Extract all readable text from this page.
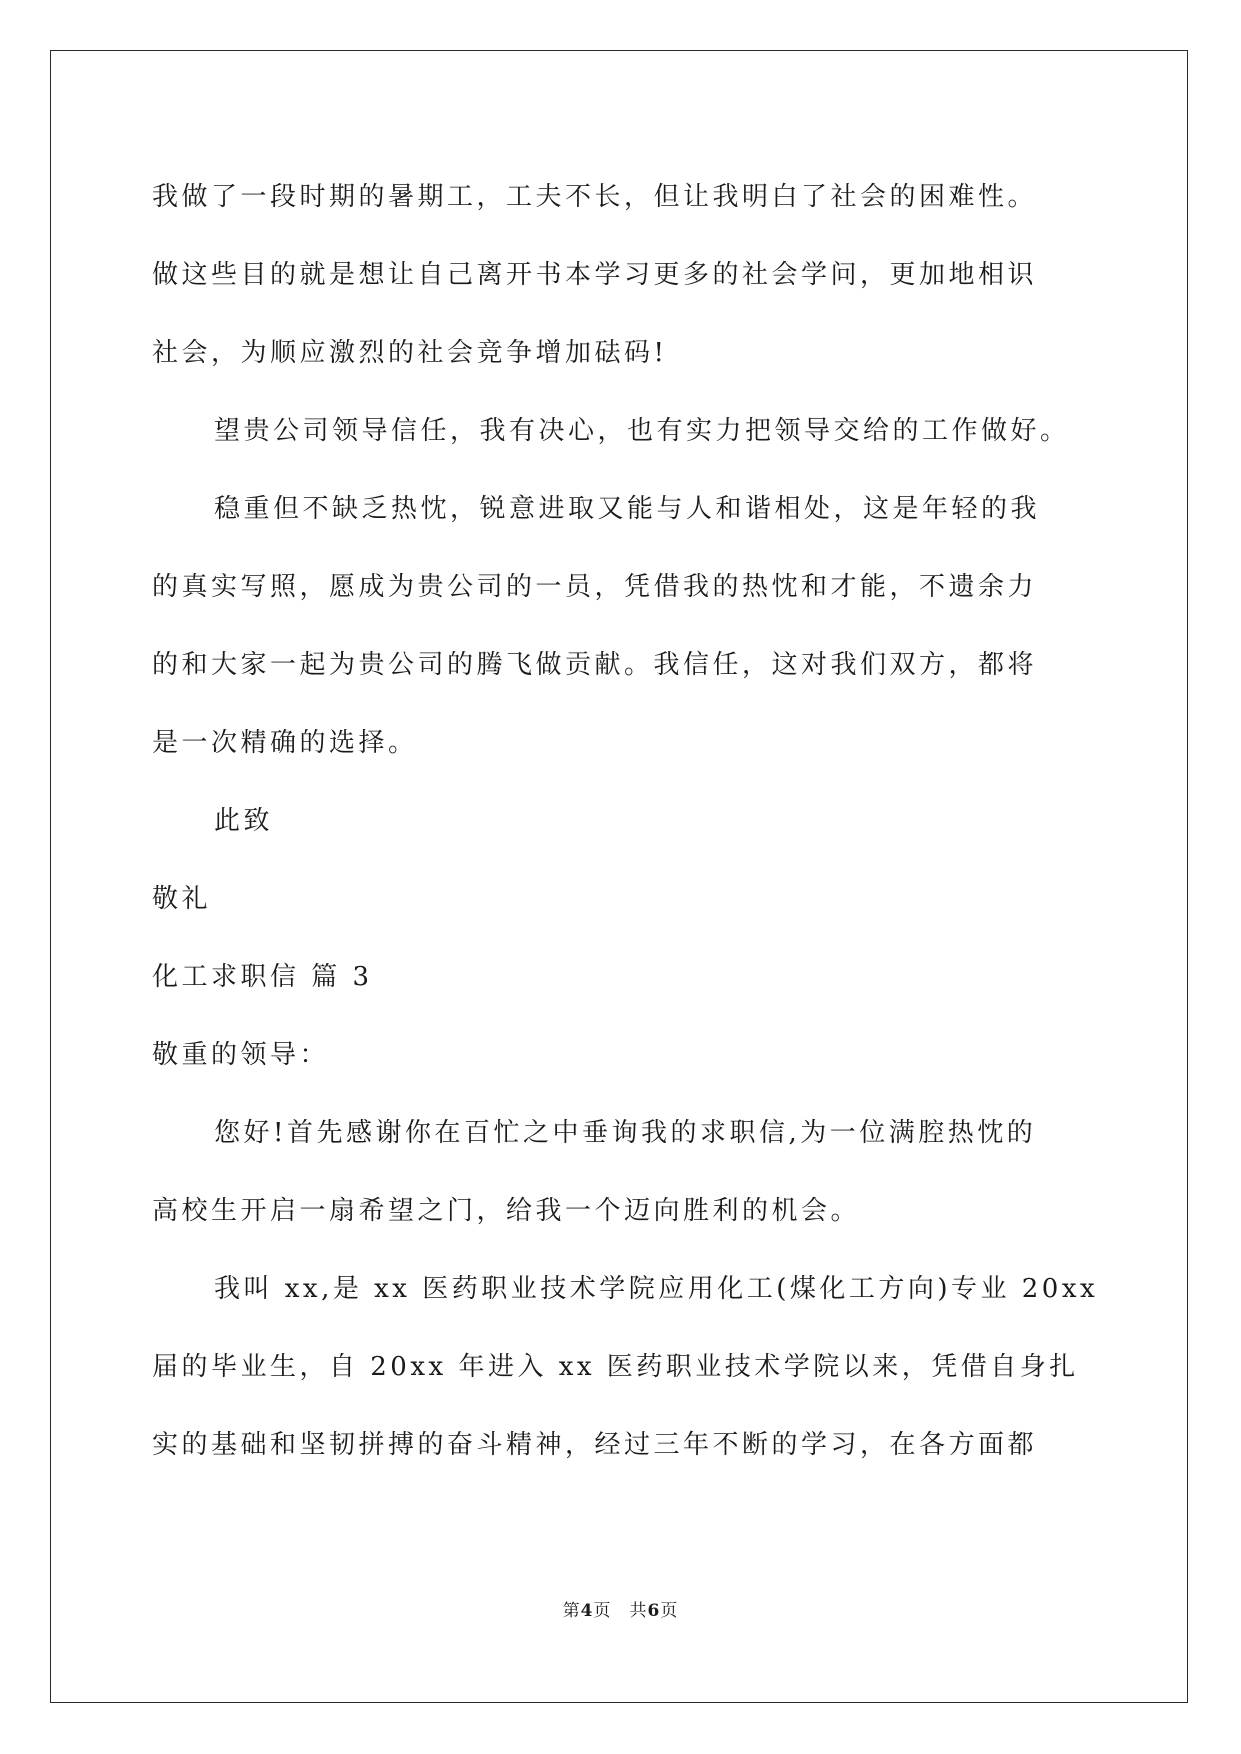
我做了一段时期的暑期工，工夫不长，但让我明白了社会的困难性。
做这些目的就是想让自己离开书本学习更多的社会学问，更加地相识
社会，为顺应激烈的社会竞争增加砝码!
望贵公司领导信任，我有决心，也有实力把领导交给的工作做好。
稳重但不缺乏热忱，锐意进取又能与人和谐相处，这是年轻的我
的真实写照，愿成为贵公司的一员，凭借我的热忱和才能，不遗余力
的和大家一起为贵公司的腾飞做贡献。我信任，这对我们双方，都将
是一次精确的选择。
此致
敬礼
化工求职信 篇 3
敬重的领导：
您好!首先感谢你在百忙之中垂询我的求职信,为一位满腔热忱的
高校生开启一扇希望之门，给我一个迈向胜利的机会。
我叫 xx,是 xx 医药职业技术学院应用化工(煤化工方向)专业 20xx
届的毕业生，自 20xx 年进入 xx 医药职业技术学院以来，凭借自身扎
实的基础和坚韧拼搏的奋斗精神，经过三年不断的学习，在各方面都
第4页 共6页
